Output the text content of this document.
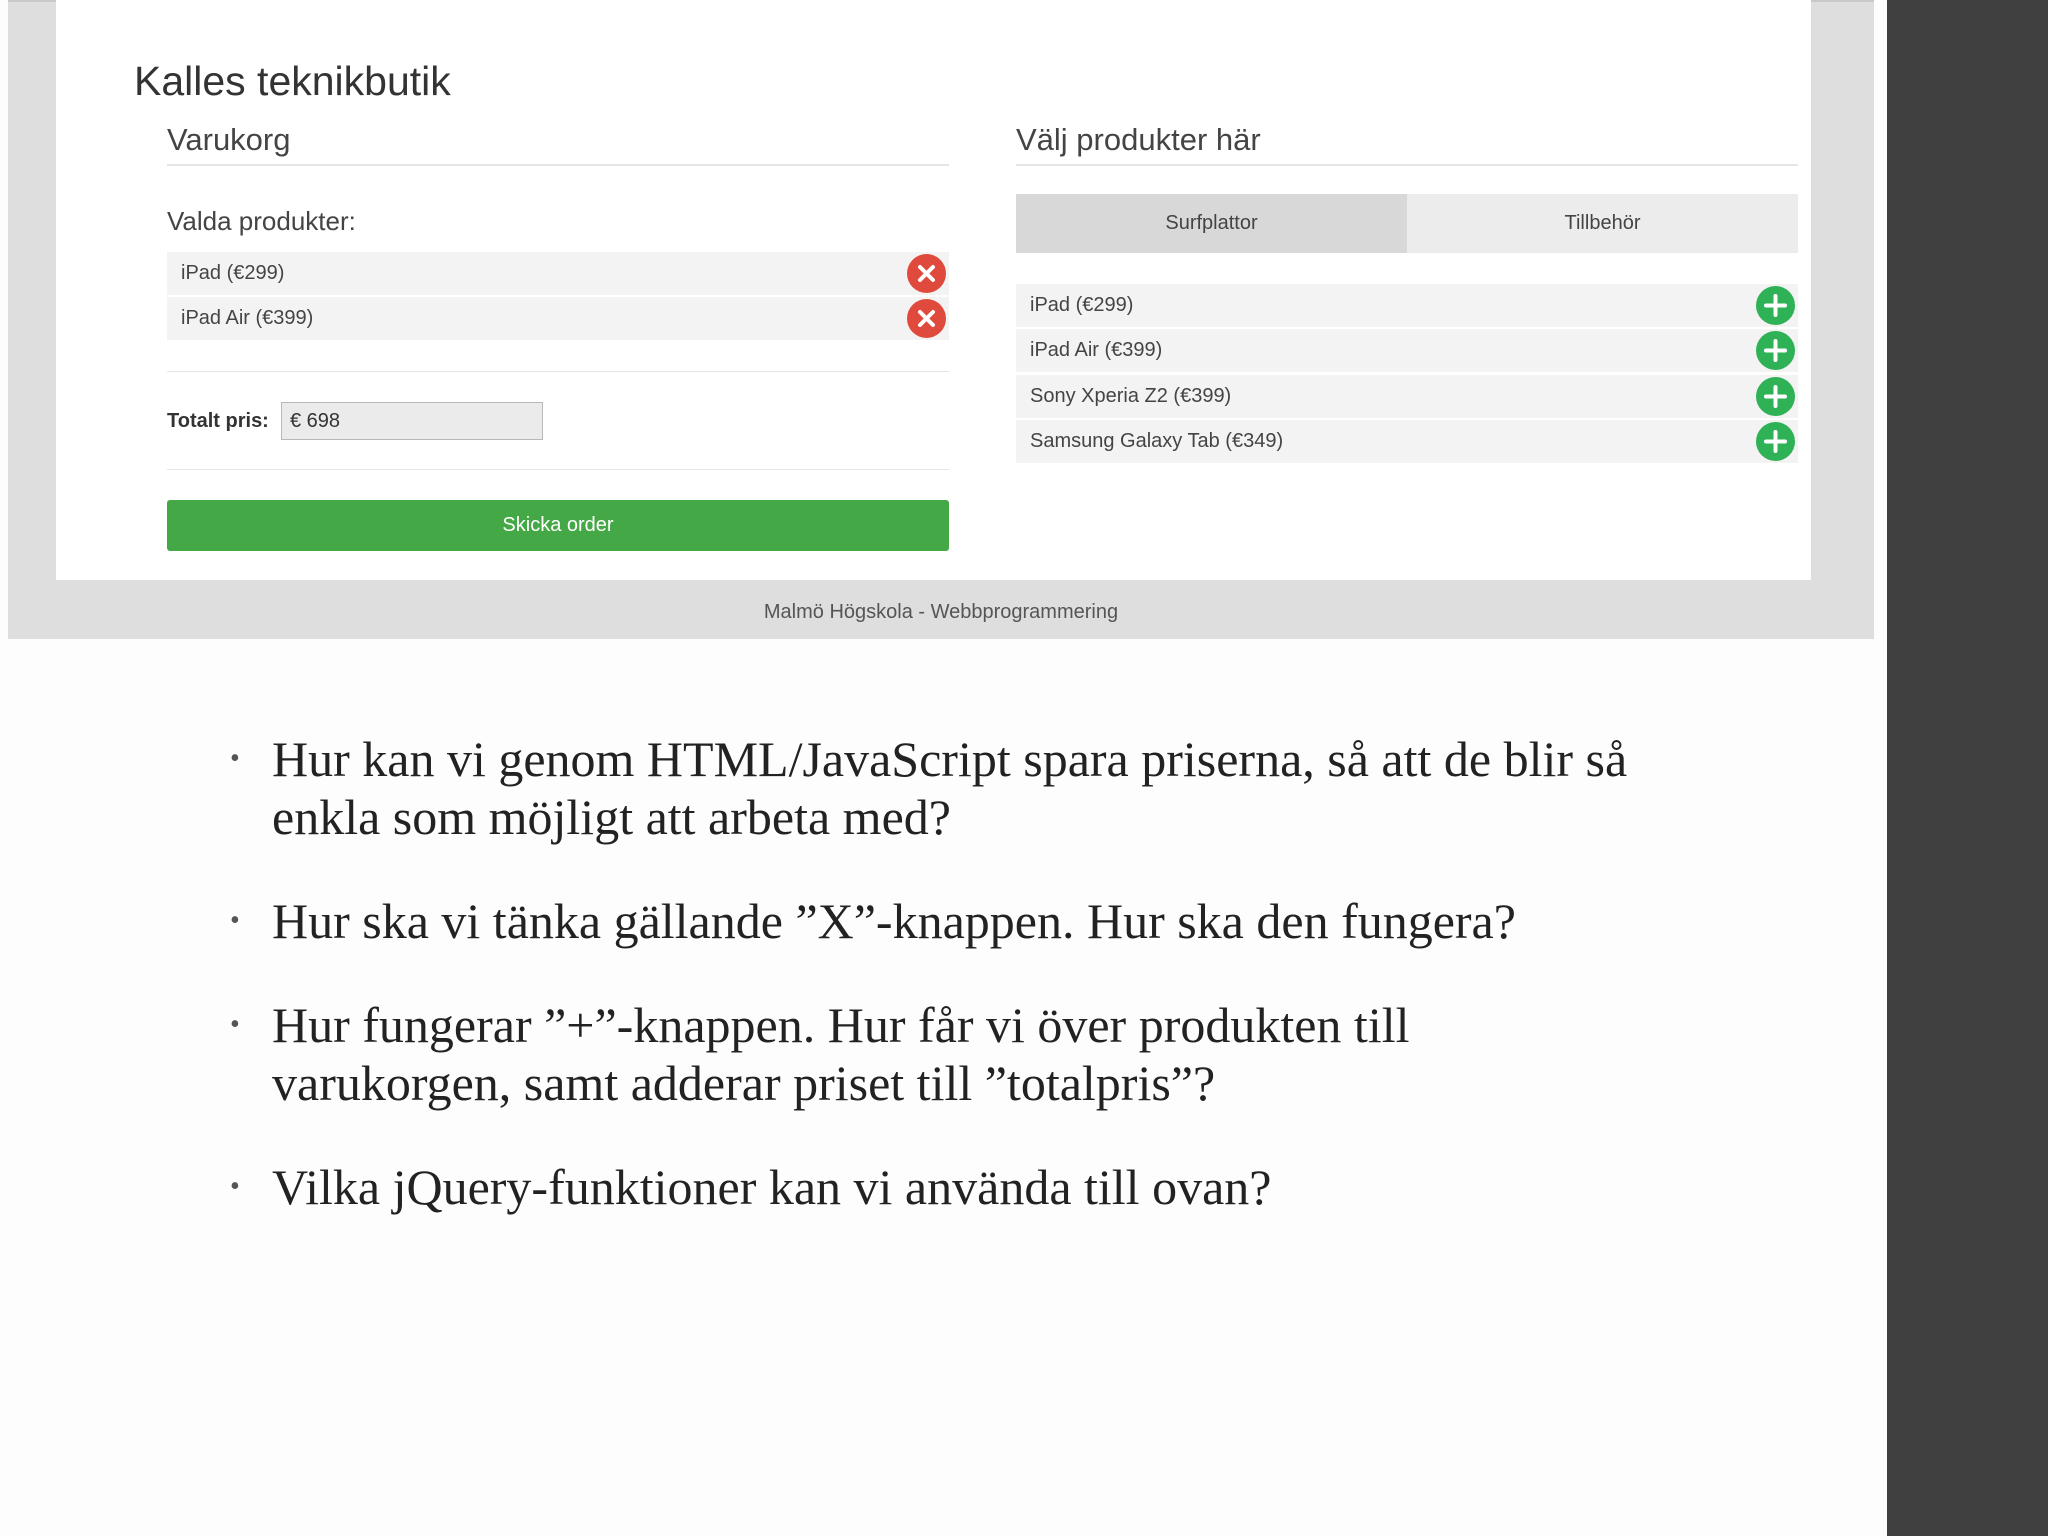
Kalles teknikbutik
Varukorg
Valda produkter:
iPad (€299)
iPad Air (€399)
Totalt pris:
€ 698
Skicka order
Välj produkter här
Surfplattor	Tillbehör
iPad (€299)
iPad Air (€399)
Sony Xperia Z2 (€399)
Samsung Galaxy Tab (€349)
Malmö Högskola - Webbprogrammering
• Hur kan vi genom HTML/JavaScript spara priserna, så att de blir så enkla som möjligt att arbeta med?
• Hur ska vi tänka gällande ”X”-knappen. Hur ska den fungera?
• Hur fungerar ”+”-knappen. Hur får vi över produkten till varukorgen, samt adderar priset till ”totalpris”?
• Vilka jQuery-funktioner kan vi använda till ovan?
